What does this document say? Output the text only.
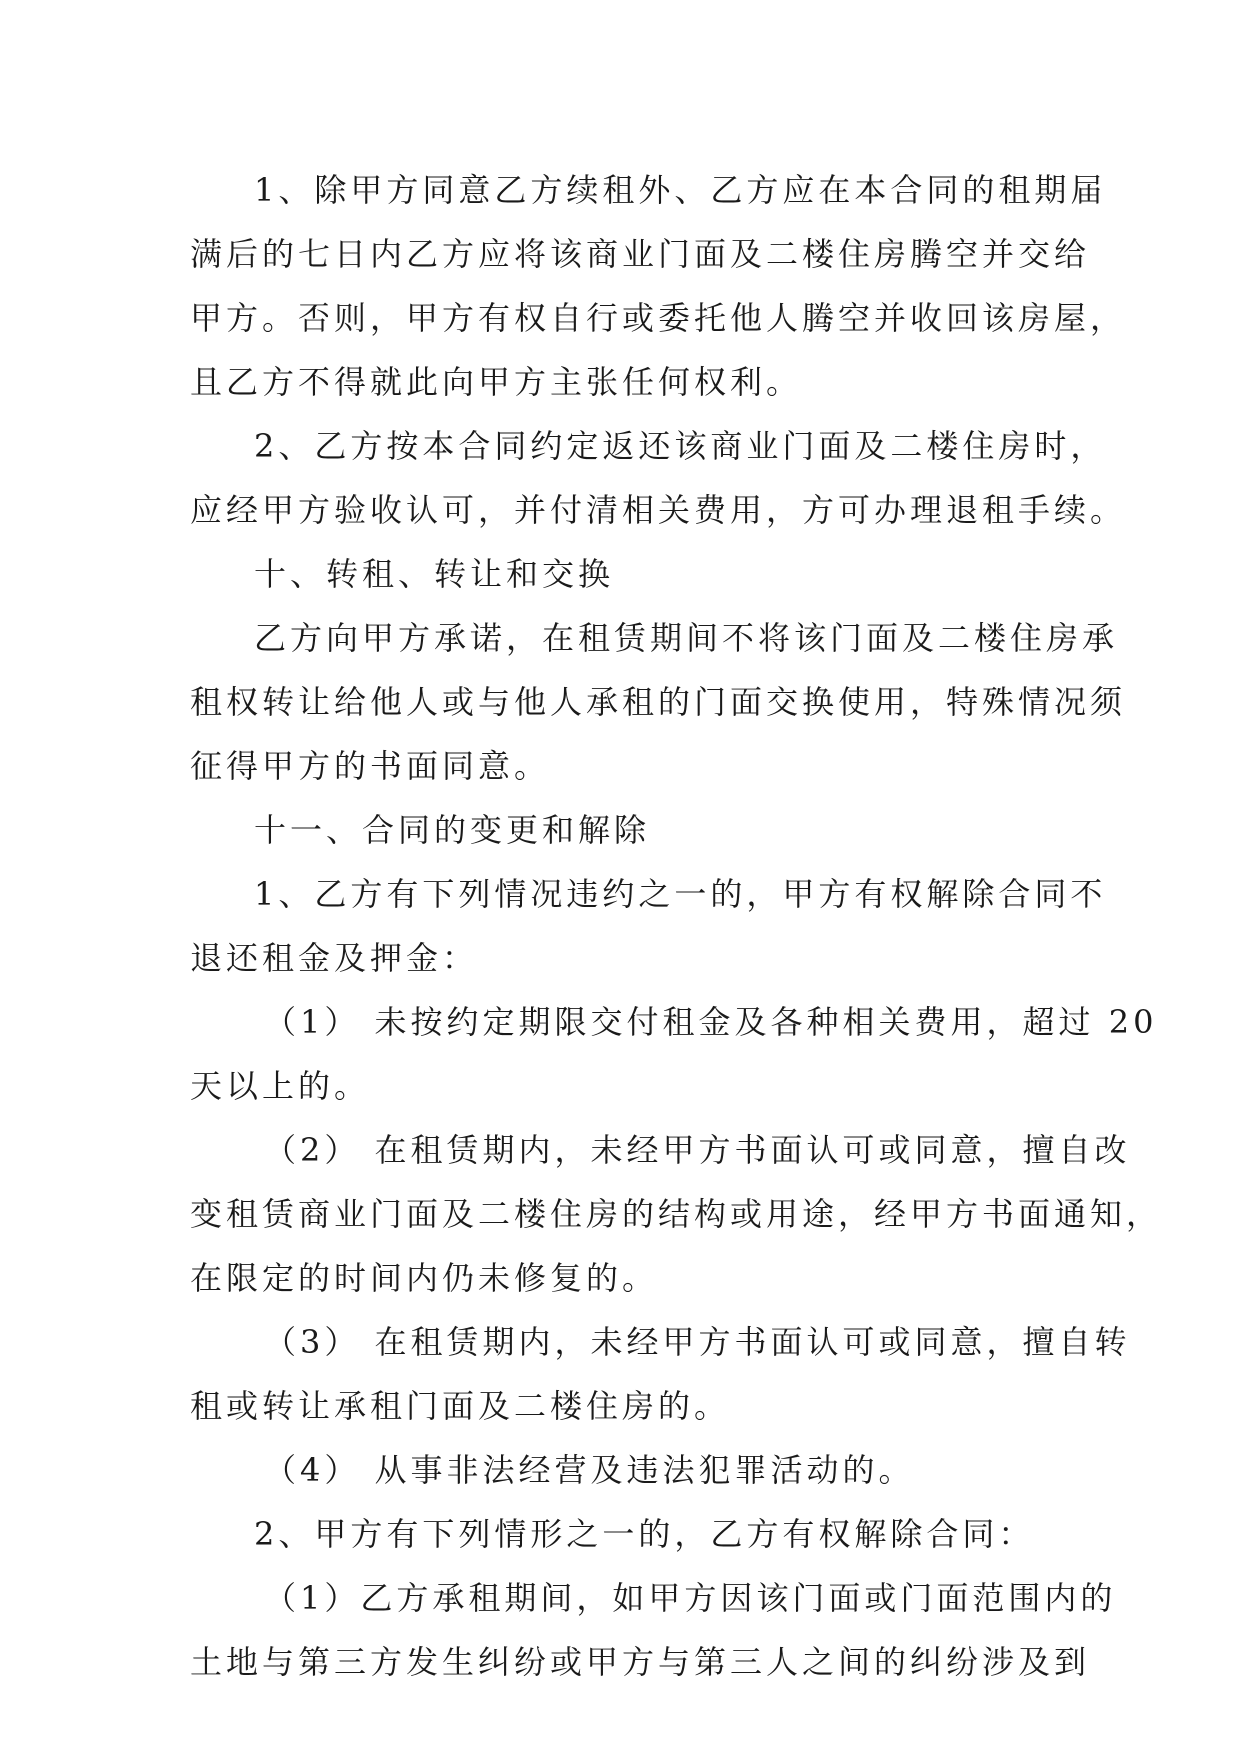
1、除甲方同意乙方续租外、乙方应在本合同的租期届
满后的七日内乙方应将该商业门面及二楼住房腾空并交给
甲方。否则，甲方有权自行或委托他人腾空并收回该房屋，
且乙方不得就此向甲方主张任何权利。
2、乙方按本合同约定返还该商业门面及二楼住房时，
应经甲方验收认可，并付清相关费用，方可办理退租手续。
十、转租、转让和交换
乙方向甲方承诺，在租赁期间不将该门面及二楼住房承
租权转让给他人或与他人承租的门面交换使用，特殊情况须
征得甲方的书面同意。
十一、合同的变更和解除
1、乙方有下列情况违约之一的，甲方有权解除合同不
退还租金及押金：
（1） 未按约定期限交付租金及各种相关费用，超过 20
天以上的。
（2） 在租赁期内，未经甲方书面认可或同意，擅自改
变租赁商业门面及二楼住房的结构或用途，经甲方书面通知，
在限定的时间内仍未修复的。
（3） 在租赁期内，未经甲方书面认可或同意，擅自转
租或转让承租门面及二楼住房的。
（4） 从事非法经营及违法犯罪活动的。
2、甲方有下列情形之一的，乙方有权解除合同：
（1）乙方承租期间，如甲方因该门面或门面范围内的
土地与第三方发生纠纷或甲方与第三人之间的纠纷涉及到
